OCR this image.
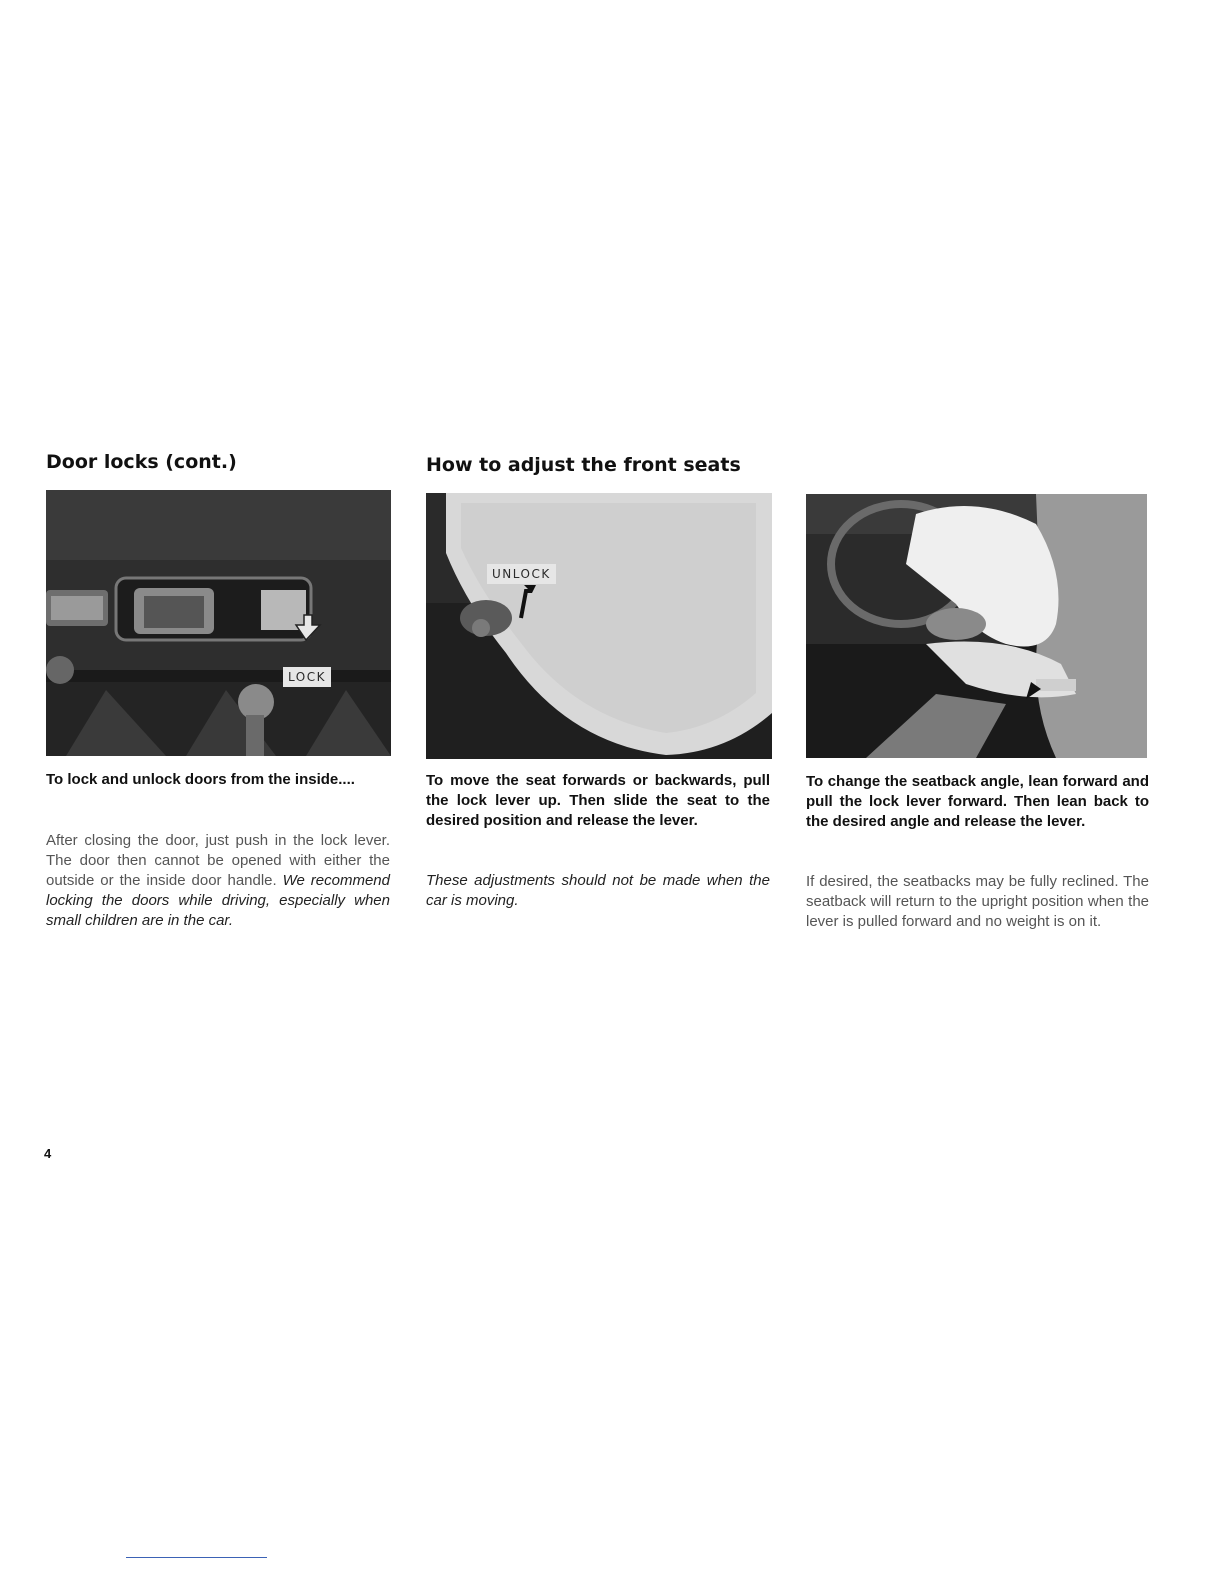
Door locks (cont.)
LOCK

To lock and unlock doors from the inside....

After closing the door, just push in the lock lever. The door then cannot be opened with either the outside or the inside door handle. We recommend locking the doors while driving, especially when small children are in the car.

How to adjust the front seats
UNLOCK

To move the seat forwards or backwards, pull the lock lever up. Then slide the seat to the desired position and release the lever.

These adjustments should not be made when the car is moving.

To change the seatback angle, lean forward and pull the lock lever forward. Then lean back to the desired angle and release the lever.

If desired, the seatbacks may be fully reclined. The seatback will return to the upright position when the lever is pulled forward and no weight is on it.

4
